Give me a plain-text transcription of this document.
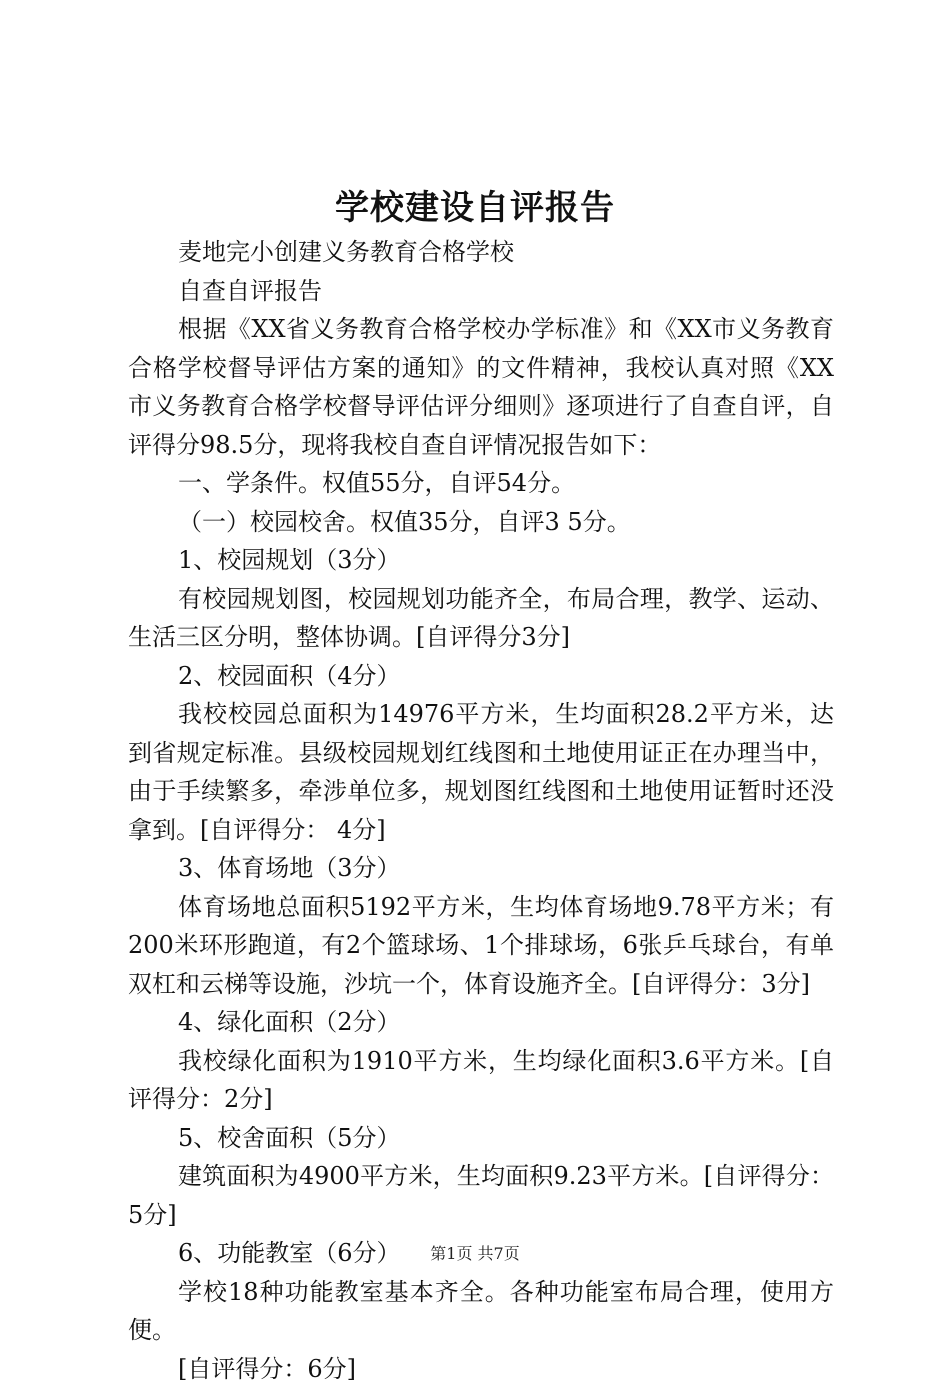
学校建设自评报告

麦地完小创建义务教育合格学校

自查自评报告

根据《XX省义务教育合格学校办学标准》和《XX市义务教育合格学校督导评估方案的通知》的文件精神，我校认真对照《XX市义务教育合格学校督导评估评分细则》逐项进行了自查自评，自评得分98.5分，现将我校自查自评情况报告如下：

一、学条件。权值55分，自评54分。

（一）校园校舍。权值35分，自评3 5分。

1、校园规划（3分）

有校园规划图，校园规划功能齐全，布局合理，教学、运动、生活三区分明，整体协调。[自评得分3分]

2、校园面积（4分）

我校校园总面积为14976平方米，生均面积28.2平方米，达到省规定标准。县级校园规划红线图和土地使用证正在办理当中，由于手续繁多，牵涉单位多，规划图红线图和土地使用证暂时还没拿到。[自评得分： 4分]

3、体育场地（3分）

体育场地总面积5192平方米，生均体育场地9.78平方米；有200米环形跑道，有2个篮球场、1个排球场，6张乒乓球台，有单双杠和云梯等设施，沙坑一个，体育设施齐全。[自评得分：3分]

4、绿化面积（2分）

我校绿化面积为1910平方米，生均绿化面积3.6平方米。[自评得分：2分]

5、校舍面积（5分）

建筑面积为4900平方米，生均面积9.23平方米。[自评得分：5分]

6、功能教室（6分）

学校18种功能教室基本齐全。各种功能室布局合理，使用方便。

[自评得分：6分]

第1页 共7页
